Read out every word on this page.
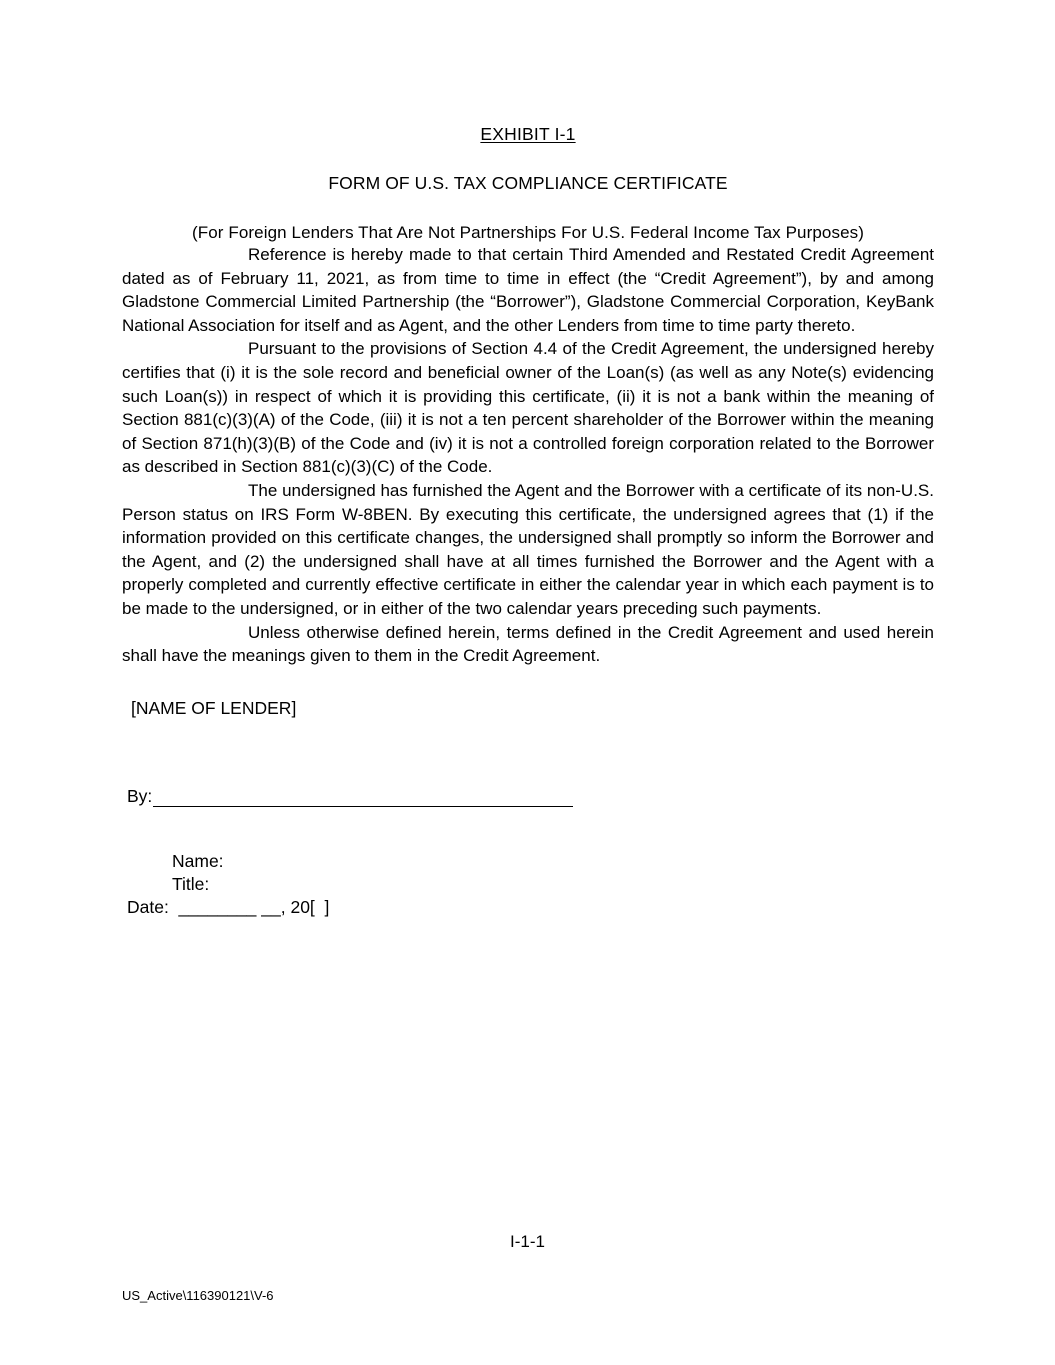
EXHIBIT I-1
FORM OF U.S. TAX COMPLIANCE CERTIFICATE
(For Foreign Lenders That Are Not Partnerships For U.S. Federal Income Tax Purposes)

Reference is hereby made to that certain Third Amended and Restated Credit Agreement dated as of February 11, 2021, as from time to time in effect (the “Credit Agreement”), by and among Gladstone Commercial Limited Partnership (the “Borrower”), Gladstone Commercial Corporation, KeyBank National Association for itself and as Agent, and the other Lenders from time to time party thereto.

Pursuant to the provisions of Section 4.4 of the Credit Agreement, the undersigned hereby certifies that (i) it is the sole record and beneficial owner of the Loan(s) (as well as any Note(s) evidencing such Loan(s)) in respect of which it is providing this certificate, (ii) it is not a bank within the meaning of Section 881(c)(3)(A) of the Code, (iii) it is not a ten percent shareholder of the Borrower within the meaning of Section 871(h)(3)(B) of the Code and (iv) it is not a controlled foreign corporation related to the Borrower as described in Section 881(c)(3)(C) of the Code.

The undersigned has furnished the Agent and the Borrower with a certificate of its non-U.S. Person status on IRS Form W-8BEN. By executing this certificate, the undersigned agrees that (1) if the information provided on this certificate changes, the undersigned shall promptly so inform the Borrower and the Agent, and (2) the undersigned shall have at all times furnished the Borrower and the Agent with a properly completed and currently effective certificate in either the calendar year in which each payment is to be made to the undersigned, or in either of the two calendar years preceding such payments.

Unless otherwise defined herein, terms defined in the Credit Agreement and used herein shall have the meanings given to them in the Credit Agreement.

[NAME OF LENDER]

By:

Name:
Title:
Date:  ________ __, 20[  ]
I-1-1
US_Active\116390121\V-6
